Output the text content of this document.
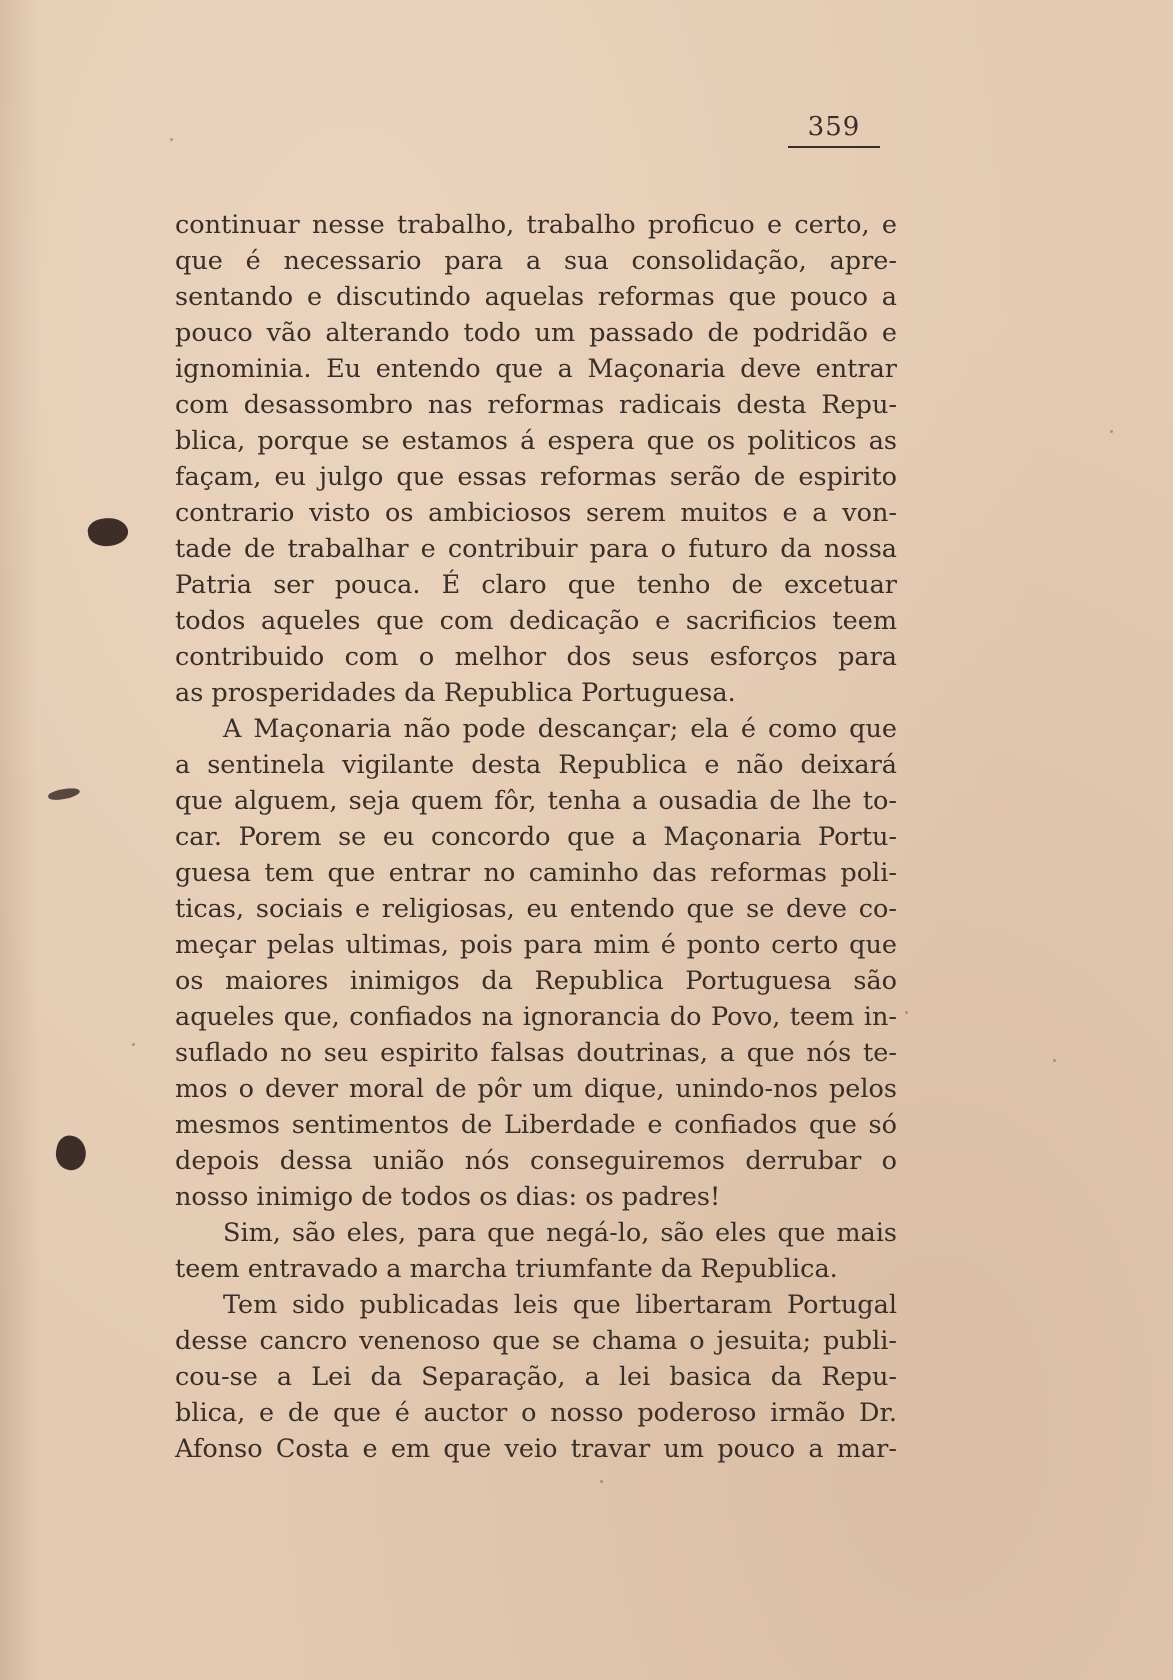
359
continuar nesse trabalho, trabalho proficuo e certo, e
que é necessario para a sua consolidação, apre-
sentando e discutindo aquelas reformas que pouco a
pouco vão alterando todo um passado de podridão e
ignominia. Eu entendo que a Maçonaria deve entrar
com desassombro nas reformas radicais desta Repu-
blica, porque se estamos á espera que os politicos as
façam, eu julgo que essas reformas serão de espirito
contrario visto os ambiciosos serem muitos e a von-
tade de trabalhar e contribuir para o futuro da nossa
Patria ser pouca. É claro que tenho de excetuar
todos aqueles que com dedicação e sacrificios teem
contribuido com o melhor dos seus esforços para
as prosperidades da Republica Portuguesa.
A Maçonaria não pode descançar; ela é como que
a sentinela vigilante desta Republica e não deixará
que alguem, seja quem fôr, tenha a ousadia de lhe to-
car. Porem se eu concordo que a Maçonaria Portu-
guesa tem que entrar no caminho das reformas poli-
ticas, sociais e religiosas, eu entendo que se deve co-
meçar pelas ultimas, pois para mim é ponto certo que
os maiores inimigos da Republica Portuguesa são
aqueles que, confiados na ignorancia do Povo, teem in-
suflado no seu espirito falsas doutrinas, a que nós te-
mos o dever moral de pôr um dique, unindo-nos pelos
mesmos sentimentos de Liberdade e confiados que só
depois dessa união nós conseguiremos derrubar o
nosso inimigo de todos os dias: os padres!
Sim, são eles, para que negá-lo, são eles que mais
teem entravado a marcha triumfante da Republica.
Tem sido publicadas leis que libertaram Portugal
desse cancro venenoso que se chama o jesuita; publi-
cou-se a Lei da Separação, a lei basica da Repu-
blica, e de que é auctor o nosso poderoso irmão Dr.
Afonso Costa e em que veio travar um pouco a mar-
